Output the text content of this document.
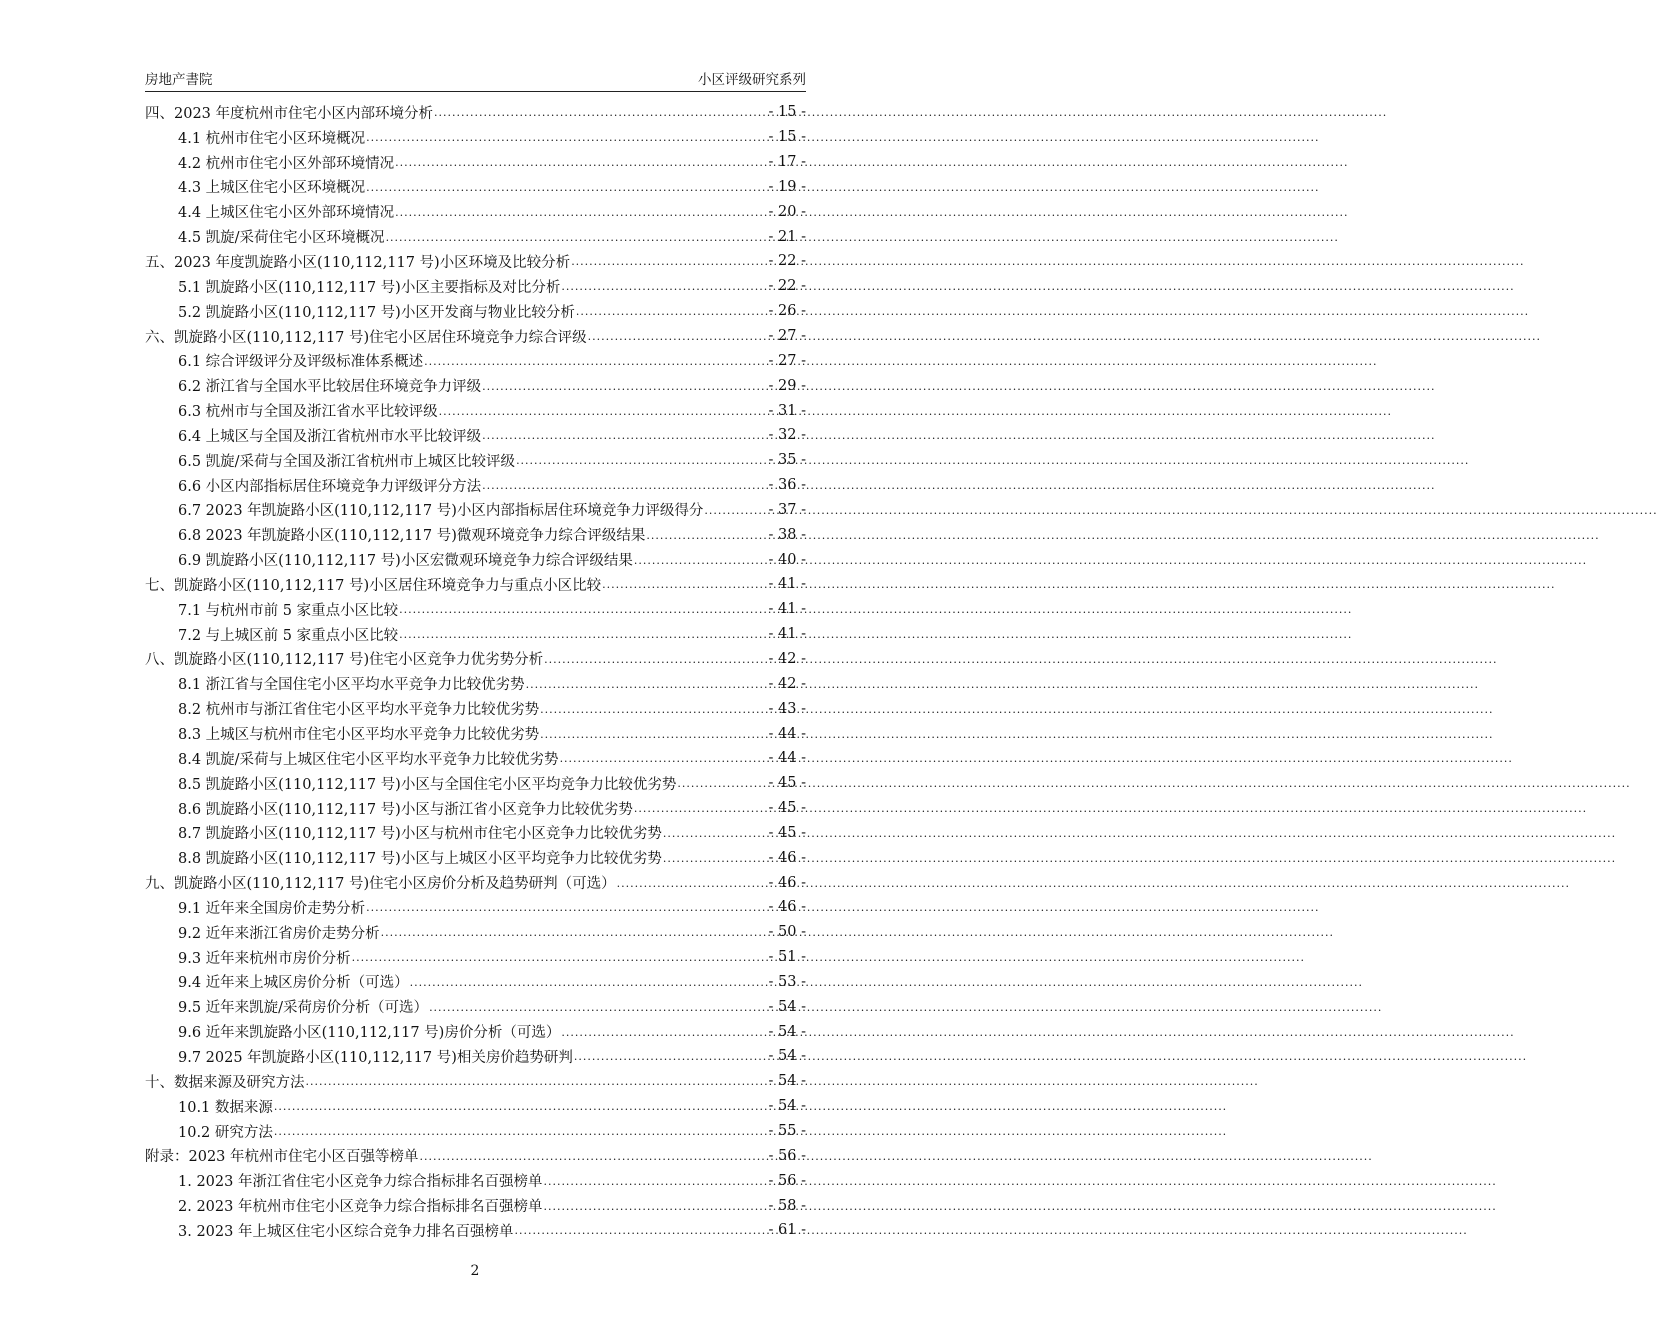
房地产書院	小区评级研究系列
四、2023 年度杭州市住宅小区内部环境分析 .....	- 15 -
4.1 杭州市住宅小区环境概况 .....	- 15 -
4.2 杭州市住宅小区外部环境情况 .....	- 17 -
4.3 上城区住宅小区环境概况 .....	- 19 -
4.4 上城区住宅小区外部环境情况 .....	- 20 -
4.5 凯旋/采荷住宅小区环境概况 .....	- 21 -
五、2023 年度凯旋路小区(110,112,117 号)小区环境及比较分析 .....	- 22 -
5.1 凯旋路小区(110,112,117 号)小区主要指标及对比分析 .....	- 22 -
5.2 凯旋路小区(110,112,117 号)小区开发商与物业比较分析 .....	- 26 -
六、凯旋路小区(110,112,117 号)住宅小区居住环境竞争力综合评级 .....	- 27 -
6.1 综合评级评分及评级标准体系概述 .....	- 27 -
6.2 浙江省与全国水平比较居住环境竞争力评级 .....	- 29 -
6.3 杭州市与全国及浙江省水平比较评级 .....	- 31 -
6.4 上城区与全国及浙江省杭州市水平比较评级 .....	- 32 -
6.5 凯旋/采荷与全国及浙江省杭州市上城区比较评级 .....	- 35 -
6.6 小区内部指标居住环境竞争力评级评分方法 .....	- 36 -
6.7 2023 年凯旋路小区(110,112,117 号)小区内部指标居住环境竞争力评级得分 .....	- 37 -
6.8 2023 年凯旋路小区(110,112,117 号)微观环境竞争力综合评级结果 .....	- 38 -
6.9 凯旋路小区(110,112,117 号)小区宏微观环境竞争力综合评级结果 .....	- 40 -
七、凯旋路小区(110,112,117 号)小区居住环境竞争力与重点小区比较 .....	- 41 -
7.1 与杭州市前 5 家重点小区比较 .....	- 41 -
7.2 与上城区前 5 家重点小区比较 .....	- 41 -
八、凯旋路小区(110,112,117 号)住宅小区竞争力优劣势分析 .....	- 42 -
8.1 浙江省与全国住宅小区平均水平竞争力比较优劣势 .....	- 42 -
8.2 杭州市与浙江省住宅小区平均水平竞争力比较优劣势 .....	- 43 -
8.3 上城区与杭州市住宅小区平均水平竞争力比较优劣势 .....	- 44 -
8.4 凯旋/采荷与上城区住宅小区平均水平竞争力比较优劣势 .....	- 44 -
8.5 凯旋路小区(110,112,117 号)小区与全国住宅小区平均竞争力比较优劣势 .....	- 45 -
8.6 凯旋路小区(110,112,117 号)小区与浙江省小区竞争力比较优劣势 .....	- 45 -
8.7 凯旋路小区(110,112,117 号)小区与杭州市住宅小区竞争力比较优劣势 .....	- 45 -
8.8 凯旋路小区(110,112,117 号)小区与上城区小区平均竞争力比较优劣势 .....	- 46 -
九、凯旋路小区(110,112,117 号)住宅小区房价分析及趋势研判（可选） .....	- 46 -
9.1 近年来全国房价走势分析 .....	- 46 -
9.2 近年来浙江省房价走势分析 .....	- 50 -
9.3 近年来杭州市房价分析 .....	- 51 -
9.4 近年来上城区房价分析（可选） .....	- 53 -
9.5 近年来凯旋/采荷房价分析（可选） .....	- 54 -
9.6 近年来凯旋路小区(110,112,117 号)房价分析（可选） .....	- 54 -
9.7 2025 年凯旋路小区(110,112,117 号)相关房价趋势研判 .....	- 54 -
十、数据来源及研究方法 .....	- 54 -
10.1 数据来源 .....	- 54 -
10.2 研究方法 .....	- 55 -
附录：2023 年杭州市住宅小区百强等榜单 .....	- 56 -
1. 2023 年浙江省住宅小区竞争力综合指标排名百强榜单 .....	- 56 -
2. 2023 年杭州市住宅小区竞争力综合指标排名百强榜单 .....	- 58 -
3. 2023 年上城区住宅小区综合竞争力排名百强榜单 .....	- 61 -
2
